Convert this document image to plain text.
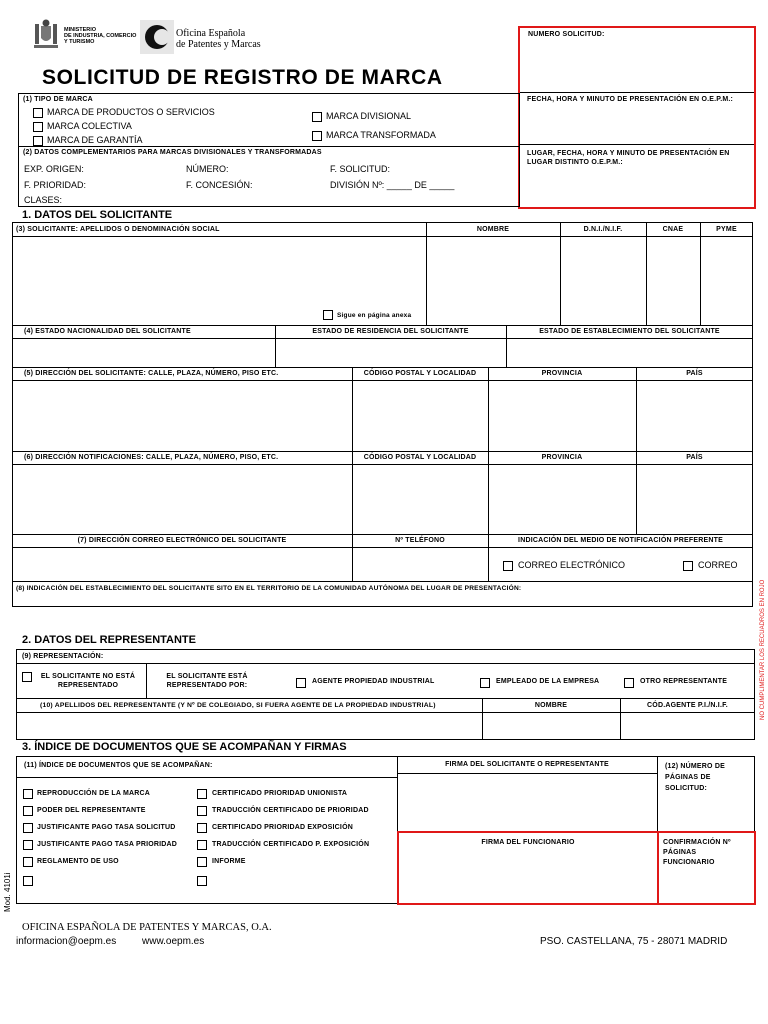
MINISTERIO
DE INDUSTRIA, COMERCIO
Y TURISMO
Oficina Española
de Patentes y Marcas
SOLICITUD DE REGISTRO DE MARCA
NUMERO SOLICITUD:
FECHA, HORA Y MINUTO DE PRESENTACIÓN EN O.E.P.M.:
LUGAR, FECHA, HORA Y MINUTO DE PRESENTACIÓN EN
LUGAR DISTINTO O.E.P.M.:
(1) TIPO DE MARCA
MARCA DE PRODUCTOS O SERVICIOS
MARCA COLECTIVA
MARCA DE GARANTÍA
MARCA DIVISIONAL
MARCA TRANSFORMADA
(2) DATOS COMPLEMENTARIOS PARA MARCAS DIVISIONALES Y TRANSFORMADAS
EXP. ORIGEN:	NÚMERO:	F. SOLICITUD:
F. PRIORIDAD:	F. CONCESIÓN:	DIVISIÓN Nº: _____ DE _____
CLASES:
1. DATOS DEL SOLICITANTE
(3) SOLICITANTE: APELLIDOS O DENOMINACIÓN SOCIAL	NOMBRE	D.N.I./N.I.F.	CNAE	PYME
Sigue en página anexa
(4) ESTADO NACIONALIDAD DEL SOLICITANTE	ESTADO DE RESIDENCIA DEL SOLICITANTE	ESTADO DE ESTABLECIMIENTO DEL SOLICITANTE
(5) DIRECCIÓN DEL SOLICITANTE: CALLE, PLAZA, NÚMERO, PISO ETC.	CÓDIGO POSTAL Y LOCALIDAD	PROVINCIA	PAÍS
(6) DIRECCIÓN NOTIFICACIONES: CALLE, PLAZA, NÚMERO, PISO, ETC.	CÓDIGO POSTAL Y LOCALIDAD	PROVINCIA	PAÍS
(7) DIRECCIÓN CORREO ELECTRÓNICO DEL SOLICITANTE	Nº TELÉFONO	INDICACIÓN DEL MEDIO DE NOTIFICACIÓN PREFERENTE
CORREO ELECTRÓNICO	CORREO
(8) INDICACIÓN DEL ESTABLECIMIENTO DEL SOLICITANTE SITO EN EL TERRITORIO DE LA COMUNIDAD AUTÓNOMA DEL LUGAR DE PRESENTACIÓN:	NO CUMPLIMENTAR LOS RECUADROS EN ROJO
2. DATOS DEL REPRESENTANTE
(9) REPRESENTACIÓN:
EL SOLICITANTE NO ESTÁ
REPRESENTADO
EL SOLICITANTE ESTÁ
REPRESENTADO POR:
AGENTE PROPIEDAD INDUSTRIAL	EMPLEADO DE LA EMPRESA	OTRO REPRESENTANTE
(10) APELLIDOS DEL REPRESENTANTE (Y Nº DE COLEGIADO, SI FUERA AGENTE DE LA PROPIEDAD INDUSTRIAL)	NOMBRE	CÓD.AGENTE P.I./N.I.F.
3. ÍNDICE DE DOCUMENTOS QUE SE ACOMPAÑAN Y FIRMAS
(11) ÍNDICE DE DOCUMENTOS QUE SE ACOMPAÑAN:	FIRMA DEL SOLICITANTE O REPRESENTANTE	(12) NÚMERO DE
PÁGINAS DE
SOLICITUD:
REPRODUCCIÓN DE LA MARCA
PODER DEL REPRESENTANTE
JUSTIFICANTE PAGO TASA SOLICITUD
JUSTIFICANTE PAGO TASA PRIORIDAD
REGLAMENTO DE USO
CERTIFICADO PRIORIDAD UNIONISTA
TRADUCCIÓN CERTIFICADO DE PRIORIDAD
CERTIFICADO PRIORIDAD EXPOSICIÓN
TRADUCCIÓN CERTIFICADO P. EXPOSICIÓN
INFORME
FIRMA DEL FUNCIONARIO	CONFIRMACIÓN Nº
PÁGINAS
FUNCIONARIO
Mod. 4101i
OFICINA ESPAÑOLA DE PATENTES Y MARCAS, O.A.
informacion@oepm.es	www.oepm.es	PSO. CASTELLANA, 75 - 28071 MADRID
